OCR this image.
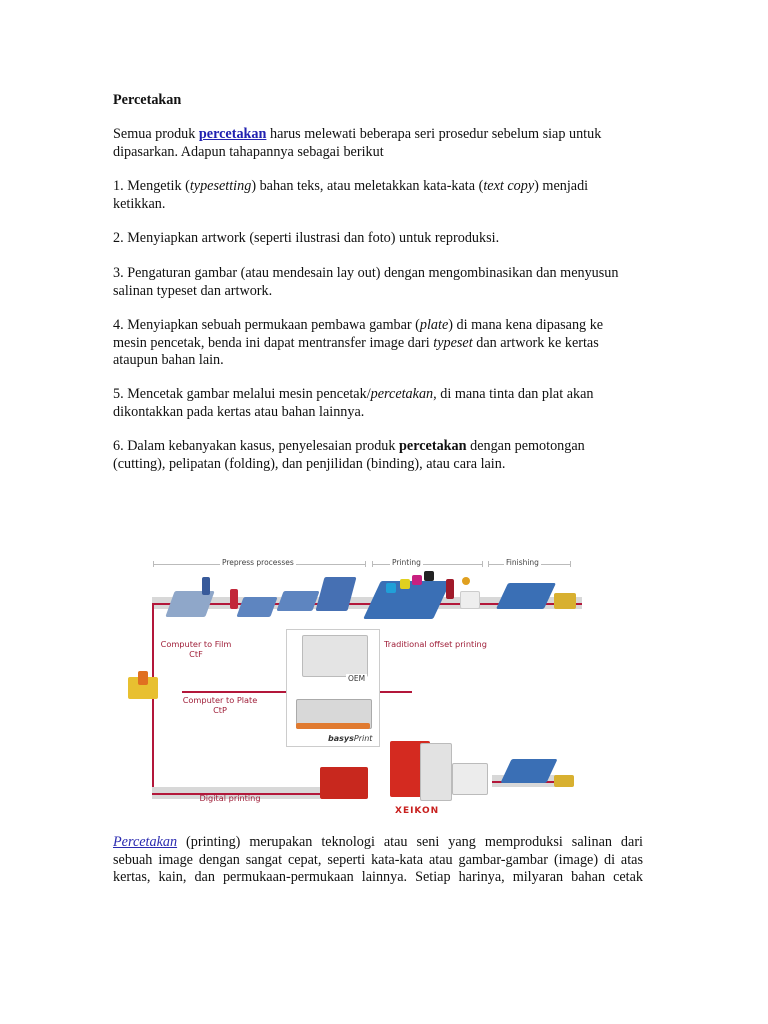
Percetakan

Semua produk percetakan harus melewati beberapa seri prosedur sebelum siap untuk
dipasarkan. Adapun tahapannya sebagai berikut

1. Mengetik (typesetting) bahan teks, atau meletakkan kata-kata (text copy) menjadi
ketikkan.

2. Menyiapkan artwork (seperti ilustrasi dan foto) untuk reproduksi.

3. Pengaturan gambar (atau mendesain lay out) dengan mengombinasikan dan menyusun
salinan typeset dan artwork.

4. Menyiapkan sebuah permukaan pembawa gambar (plate) di mana kena dipasang ke
mesin pencetak, benda ini dapat mentransfer image dari typeset dan artwork ke kertas
ataupun bahan lain.

5. Mencetak gambar melalui mesin pencetak/percetakan, di mana tinta dan plat akan
dikontakkan pada kertas atau bahan lainnya.

6. Dalam kebanyakan kasus, penyelesaian produk percetakan dengan pemotongan
(cutting), pelipatan (folding), dan penjilidan (binding), atau cara lain.

Percetakan (printing) merupakan teknologi atau seni yang memproduksi salinan dari
sebuah image dengan sangat cepat, seperti kata-kata atau gambar-gambar (image) di atas
kertas, kain, dan permukaan-permukaan lainnya. Setiap harinya, milyaran bahan cetak
Prepress processes	Printing	Finishing
Computer to Film
CtF
Computer to Plate
CtP
Traditional offset printing
Digital printing
OEM
basysPrint
XEIKON
